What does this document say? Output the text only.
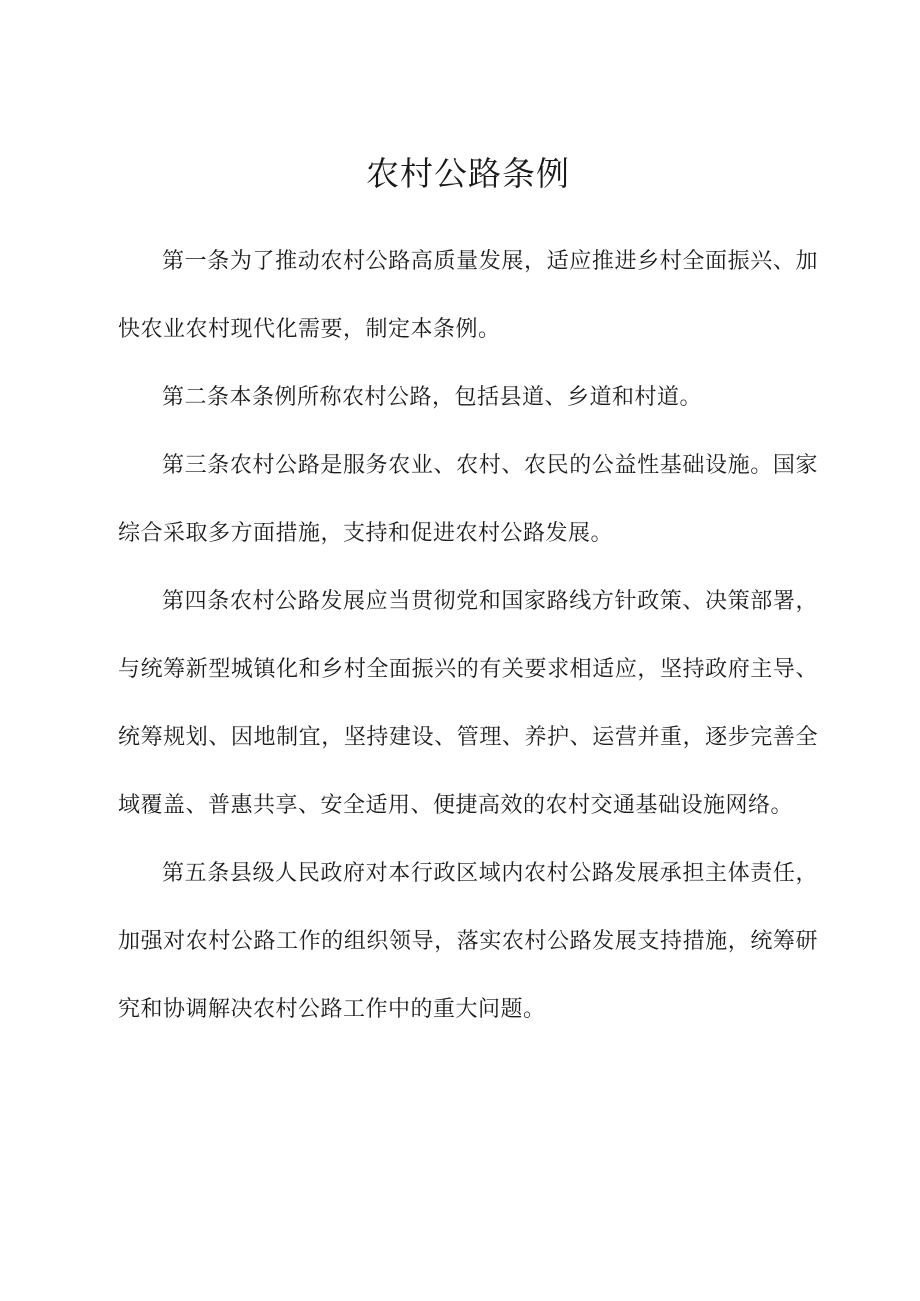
农村公路条例

第一条为了推动农村公路高质量发展，适应推进乡村全面振兴、加快农业农村现代化需要，制定本条例。

第二条本条例所称农村公路，包括县道、乡道和村道。

第三条农村公路是服务农业、农村、农民的公益性基础设施。国家综合采取多方面措施，支持和促进农村公路发展。

第四条农村公路发展应当贯彻党和国家路线方针政策、决策部署，与统筹新型城镇化和乡村全面振兴的有关要求相适应，坚持政府主导、统筹规划、因地制宜，坚持建设、管理、养护、运营并重，逐步完善全域覆盖、普惠共享、安全适用、便捷高效的农村交通基础设施网络。

第五条县级人民政府对本行政区域内农村公路发展承担主体责任，加强对农村公路工作的组织领导，落实农村公路发展支持措施，统筹研究和协调解决农村公路工作中的重大问题。
